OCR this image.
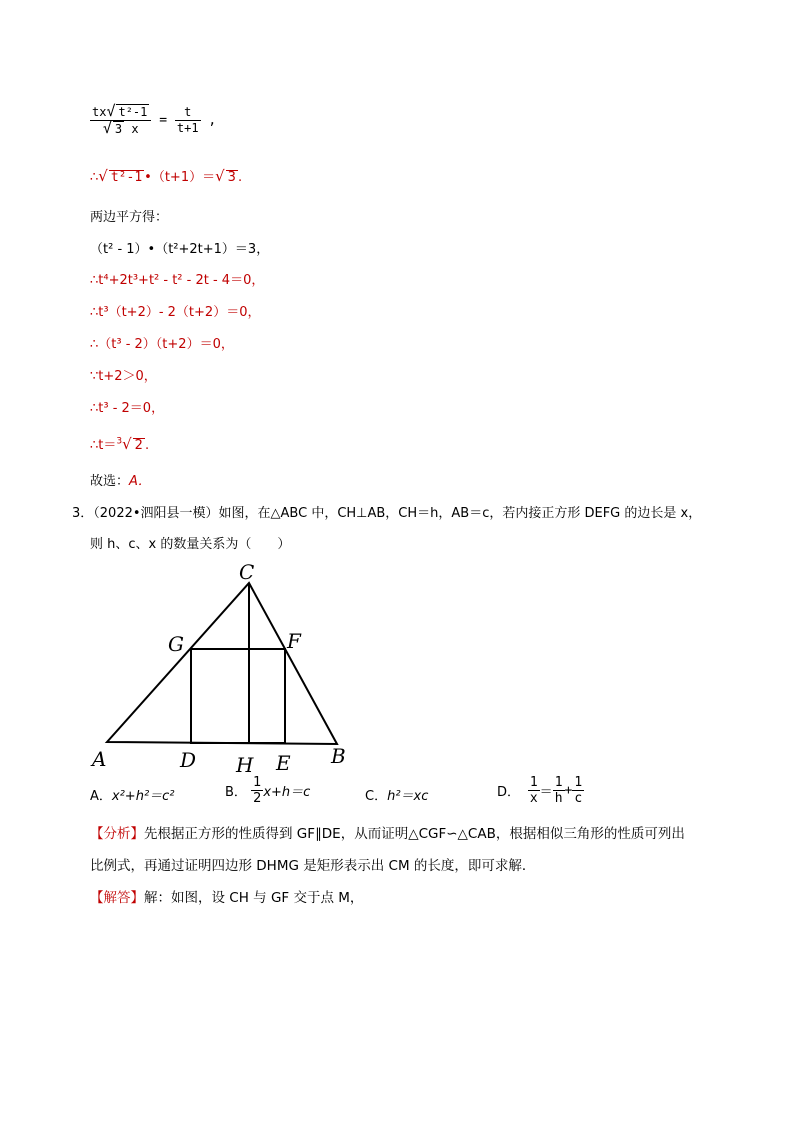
$\frac{\text{tx√ t²-1}}{√ 3 x} = \frac{t}{t+1}$ ,
∴√ t²-1 •（t+1）＝√ 3 .
两边平方得：
（t² - 1）•（t²+2t+1）＝3，
∴t⁴+2t³+t² - t² - 2t - 4＝0，
∴t³（t+2）- 2（t+2）＝0，
∴（t³ - 2）（t+2）＝0，
∵t+2＞0，
∴t³ - 2＝0，
∴t＝$^3$√ 2 .
故选：A．
3．（2022•泗阳县一模）如图，在△ABC 中，CH⊥AB，CH＝h，AB＝c，若内接正方形 DEFG 的边长是 x，
则 h、c、x 的数量关系为（　　）
C
G	F
A	D H E B
A．x²+h²＝c²	B． $\frac{1}{2} x+h=c$	C．h²＝xc	D． $\frac{1}{x} = \frac{1}{h} + \frac{1}{c}$
【分析】先根据正方形的性质得到 GF∥DE，从而证明△CGF∽△CAB，根据相似三角形的性质可列出
比例式，再通过证明四边形 DHMG 是矩形表示出 CM 的长度，即可求解．
【解答】解：如图，设 CH 与 GF 交于点 M，
